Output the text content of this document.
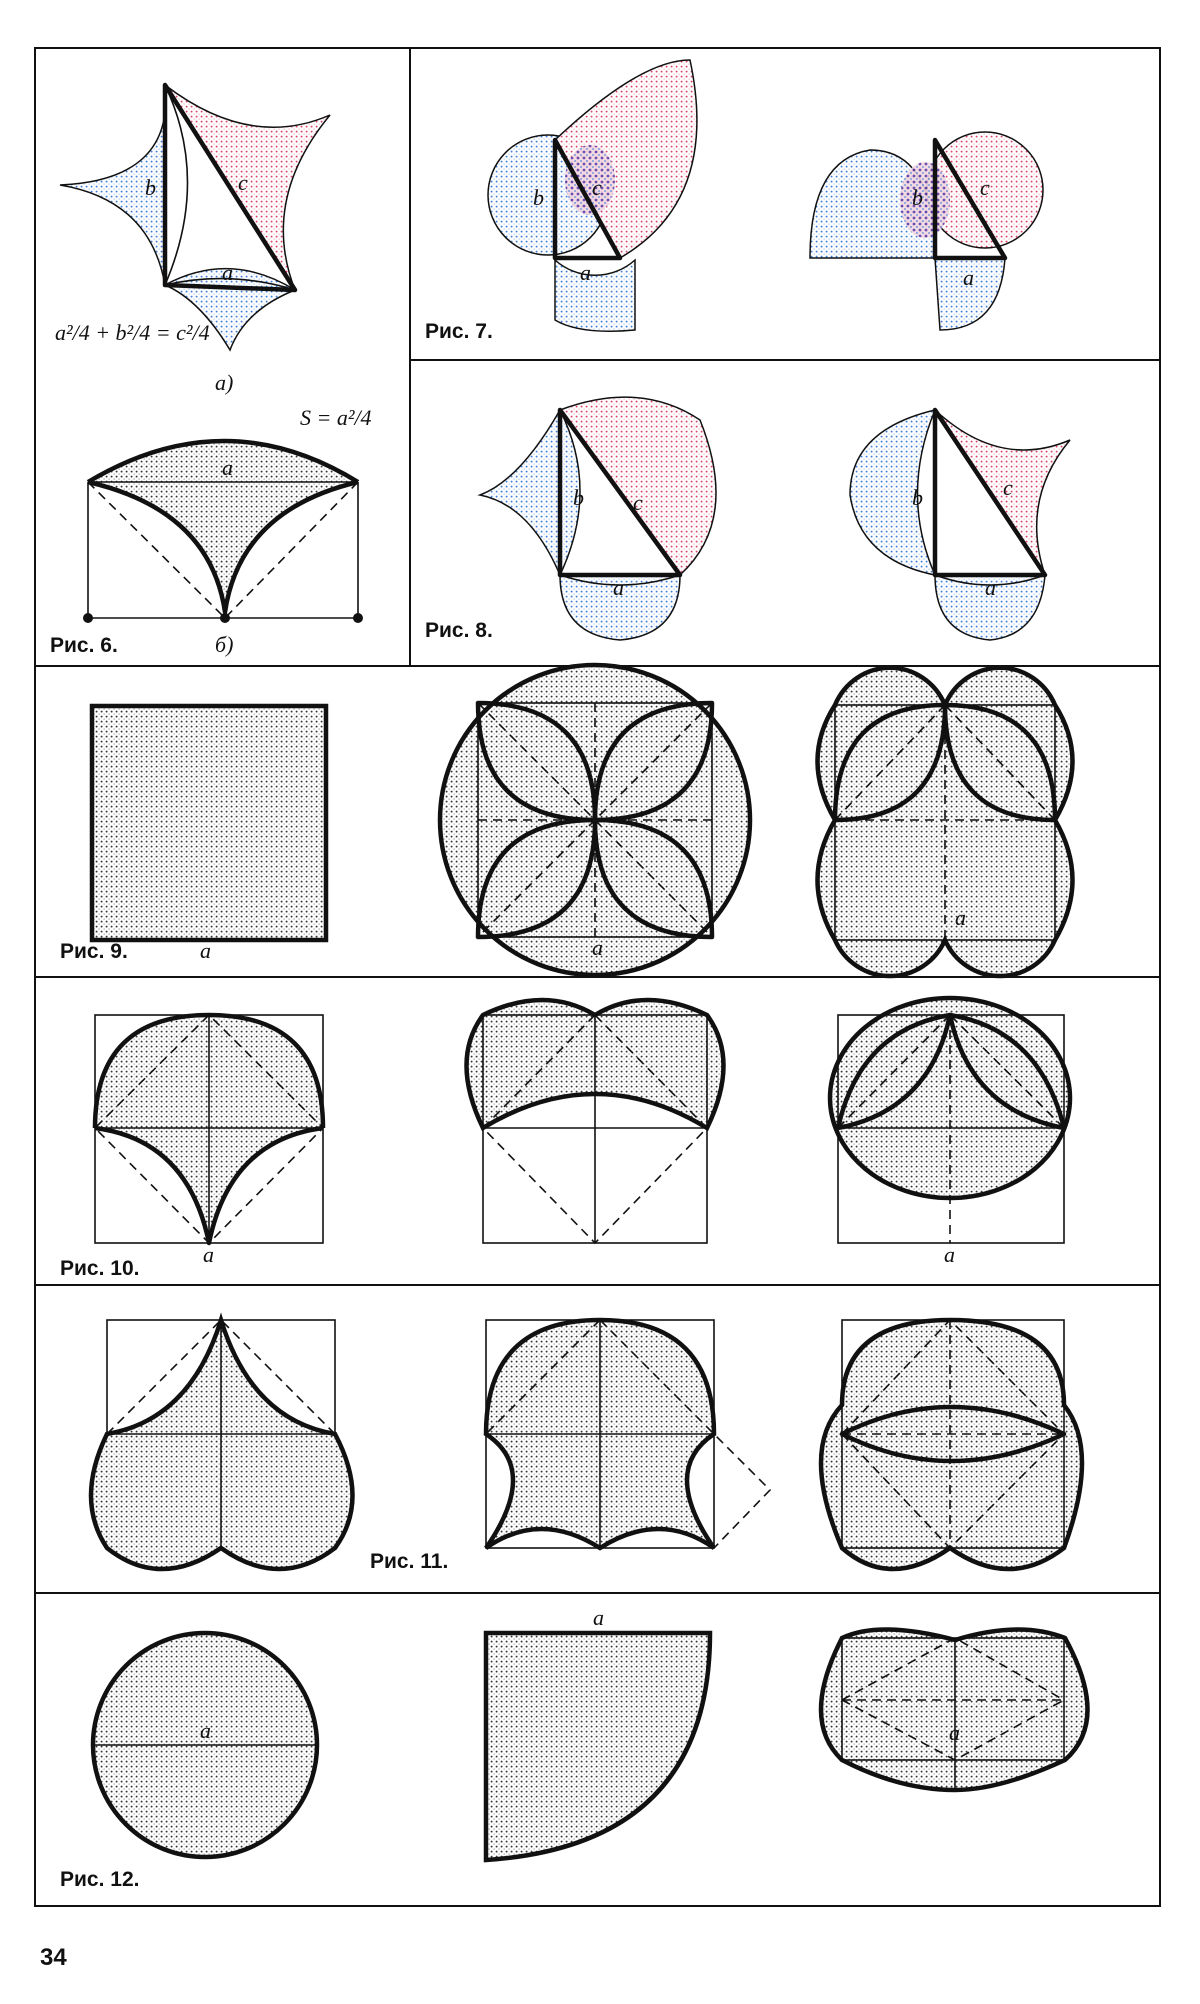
b	c
a
a²/4 + b²/4 = c²/4
а)
a
S = a²/4
б)
Рис. 6.
b c
a
b	c
a
Рис. 7.
b c
a
b	c
a
Рис. 8.
a
Рис. 9.	a
a
a
Рис. 10.
a
Рис. 11.
a
Рис. 12.
a
a
34
